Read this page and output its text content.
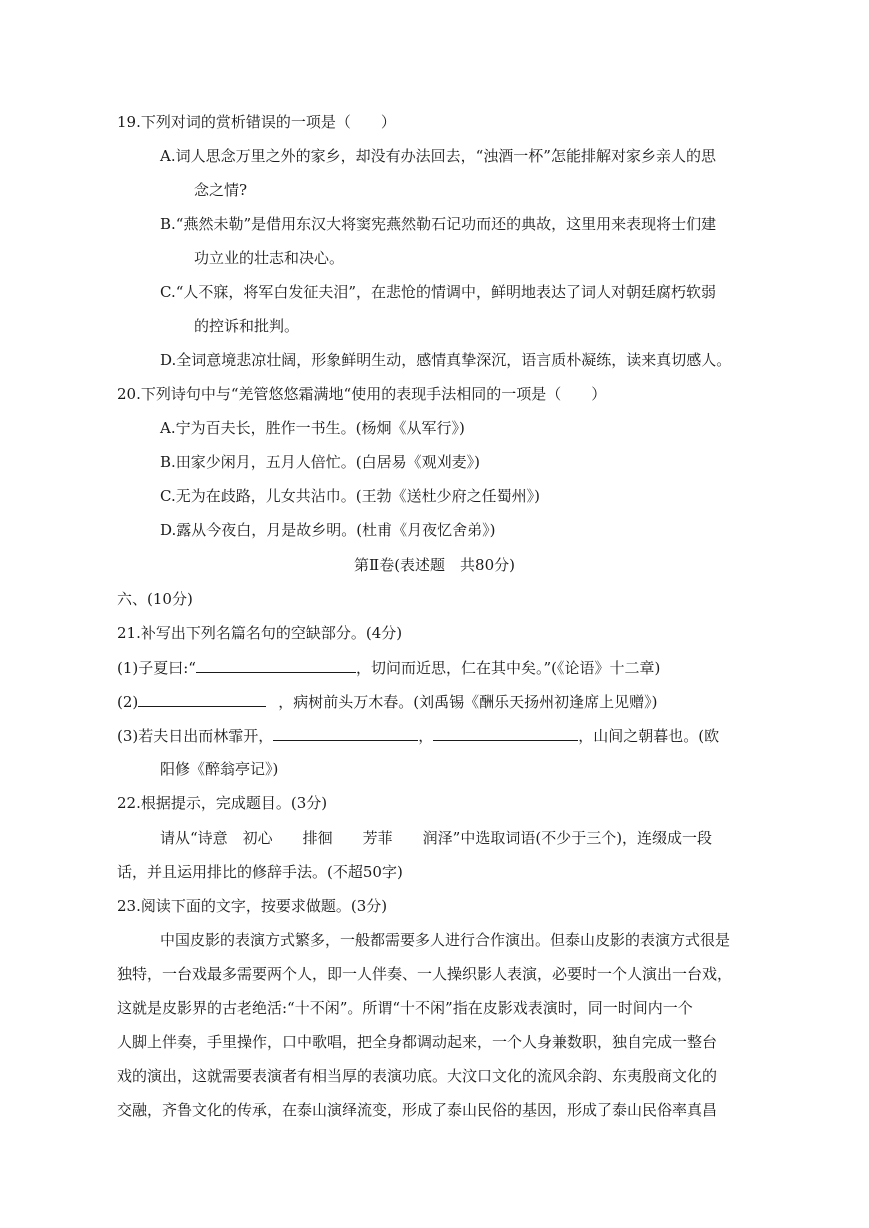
19.下列对词的赏析错误的一项是（　　）
A.词人思念万里之外的家乡，却没有办法回去，“浊酒一杯”怎能排解对家乡亲人的思
念之情?
B.“燕然未勒”是借用东汉大将窦宪燕然勒石记功而还的典故，这里用来表现将士们建
功立业的壮志和决心。
C.“人不寐，将军白发征夫泪”，在悲怆的情调中，鲜明地表达了词人对朝廷腐朽软弱
的控诉和批判。
D.全词意境悲凉壮阔，形象鲜明生动，感情真挚深沉，语言质朴凝练，读来真切感人。
20.下列诗句中与“羌管悠悠霜满地“使用的表现手法相同的一项是（　　）
A.宁为百夫长，胜作一书生。(杨炯《从军行》)
B.田家少闲月，五月人倍忙。(白居易《观刈麦》)
C.无为在歧路，儿女共沾巾。(王勃《送杜少府之任蜀州》)
D.露从今夜白，月是故乡明。(杜甫《月夜忆舍弟》)
第Ⅱ卷(表述题　共80分)
六、(10分)
21.补写出下列名篇名句的空缺部分。(4分)
(1)子夏曰:“	，切问而近思，仁在其中矣。”(《论语》十二章)
(2)	，病树前头万木春。(刘禹锡《酬乐天扬州初逢席上见赠》)
(3)若夫日出而林霏开，	，	，山间之朝暮也。(欧
阳修《醉翁亭记》)
22.根据提示，完成题目。(3分)
请从“诗意　初心　　排徊　　芳菲　　润泽”中选取词语(不少于三个)，连缀成一段
话，并且运用排比的修辞手法。(不超50字)
23.阅读下面的文字，按要求做题。(3分)
中国皮影的表演方式繁多，一般都需要多人进行合作演出。但泰山皮影的表演方式很是
独特，一台戏最多需要两个人，即一人伴奏、一人操织影人表演，必要时一个人演出一台戏，
这就是皮影界的古老绝活:“十不闲”。所谓“十不闲”指在皮影戏表演时，同一时间内一个
人脚上伴奏，手里操作，口中歌唱，把全身都调动起来，一个人身兼数职，独自完成一整台
戏的演出，这就需要表演者有相当厚的表演功底。大汶口文化的流风余韵、东夷殷商文化的
交融，齐鲁文化的传承，在泰山演绎流变，形成了泰山民俗的基因，形成了泰山民俗率真昌
